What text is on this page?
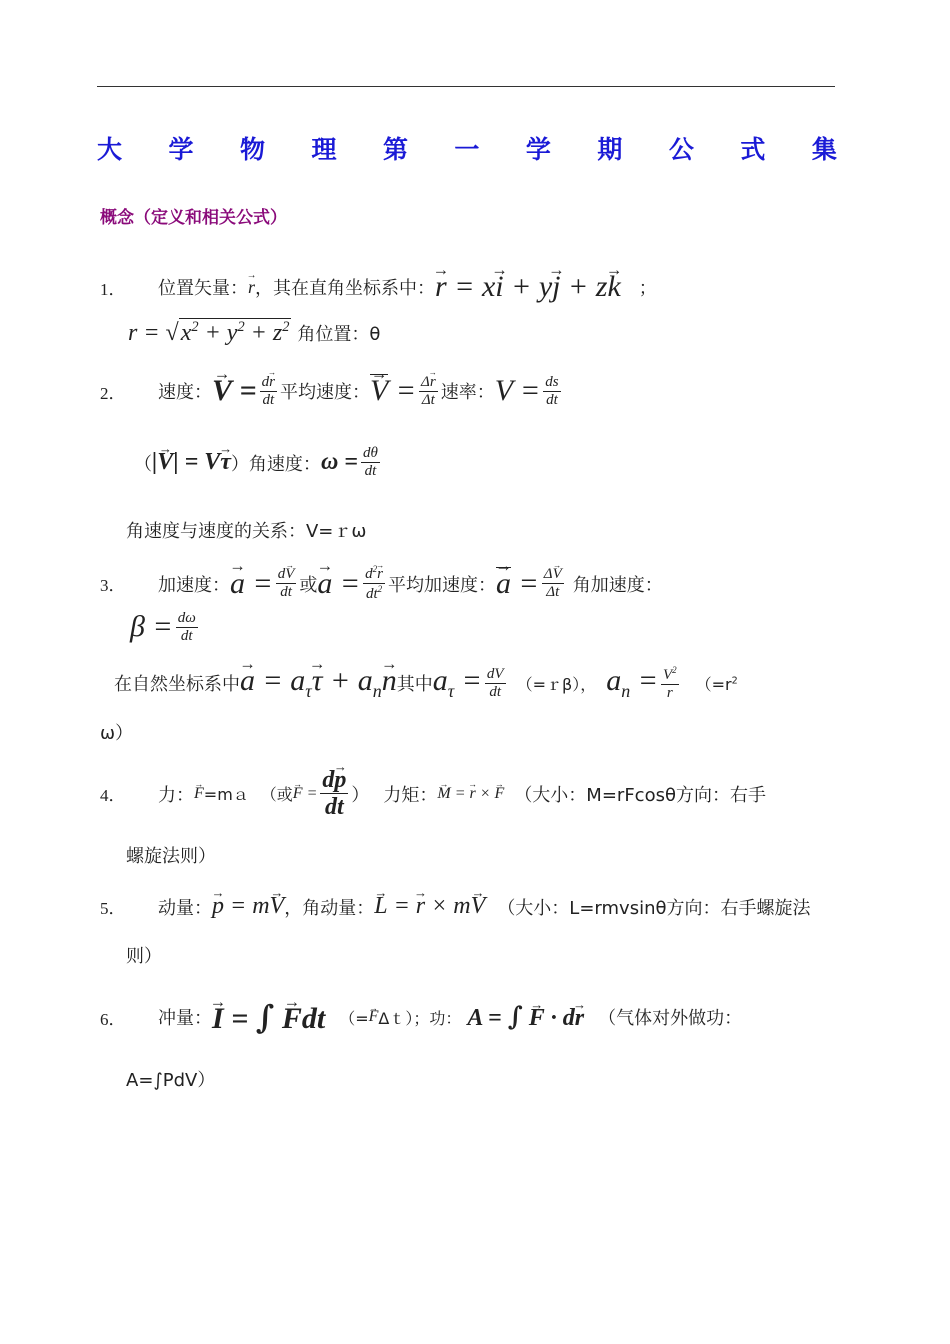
大 学 物 理 第 一 学 期 公 式 集
概念（定义和相关公式）
1．	位置矢量： → r ，其在直角坐标系中： → r = x→ i + y→ j + z→ k ；
$r = √x^2 + y^2 + z^2$ 角位置：θ
2．	速度： → $V = \frac{d\to r}{dt}$ 平均速度： → $V = \frac{\Delta\to r}{\Delta t}$ 速率： $V = \frac{ds}{dt}$
（ |→ V| = V→ τ ）角速度： $\omega = \frac{d\theta}{dt}$
角速度与速度的关系：V=ｒω
3．	加速度： → $a = \frac{d\to V}{dt}$ 或 → $a = \frac{d^2\to r}{dt^2}$ 平均加速度： → $a = \frac{\Delta\to V}{\Delta t}$ 角加速度：
$\beta = \frac{d\omega}{dt}$
在自然坐标系中 → $a = a_\tau\to \tau + a_n\to n$ 其中 $a_\tau = \frac{dV}{dt}$ （=ｒβ）， $a_n = \frac{V^2}{r} (=r^2$
ω）
4．	力： → F =mａ （或 → $F = \frac{d\to p}{dt}$ ） 力矩： → M = → r × → F （大小：M=rFcosθ方向：右手
螺旋法则）
5．	动量： → p = m→ V ，角动量： → L = → r × m→ V （大小：L=rmvsinθ方向：右手螺旋法
则）
6．	冲量： → I = ∫ → Fdt （= → F Δｔ）；功： A = ∫ → F · d→ r （气体对外做功：
A=∫PdV）
